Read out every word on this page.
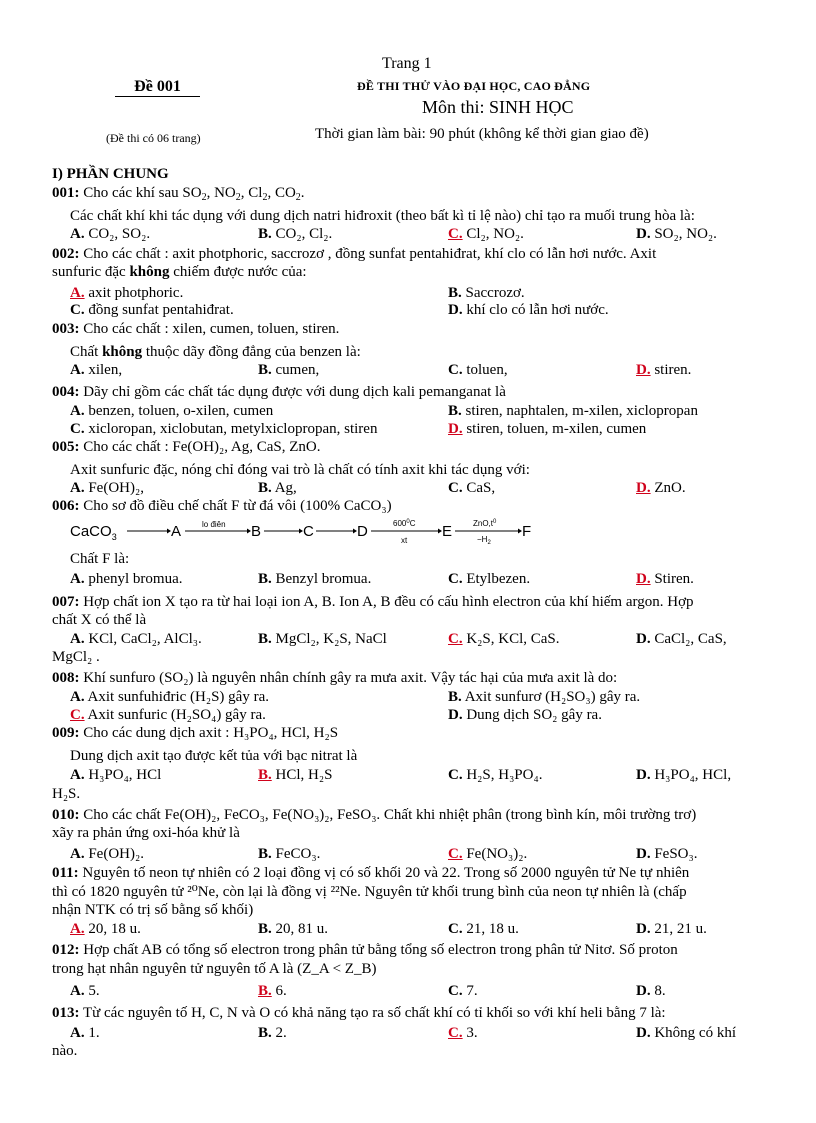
Trang 1
Đề 001	ĐỀ THI THỬ VÀO ĐẠI HỌC, CAO ĐẲNG
Môn thi: SINH HỌC
(Đề thi có 06 trang)	Thời gian làm bài: 90 phút (không kể thời gian giao đề)
I) PHẦN CHUNG
001: Cho các khí sau $SO_2$, $NO_2$, $Cl_2$, $CO_2$.
Các chất khí khi tác dụng với dung dịch natri hiđroxit (theo bất kì tỉ lệ nào) chỉ tạo ra muối trung hòa là:
A. CO₂, SO₂.	B. CO₂, Cl₂.	C. Cl₂, NO₂.	D. SO₂, NO₂.
002: Cho các chất : axit photphoric, saccrozơ , đồng sunfat pentahiđrat, khí clo có lẫn hơi nước. Axit
sunfuric đặc không chiếm được nước của:
A. axit photphoric.	B. Saccrozơ.
C. đồng sunfat pentahiđrat.	D. khí clo có lẫn hơi nước.
003: Cho các chất : xilen, cumen, toluen, stiren.
Chất không thuộc dãy đồng đẳng của benzen là:
A. xilen,	B. cumen,	C. toluen,	D. stiren.
004: Dãy chỉ gồm các chất tác dụng được với dung dịch kali pemanganat là
A. benzen, toluen, o-xilen, cumen	B. stiren, naphtalen, m-xilen, xiclopropan
C. xicloropan, xiclobutan, metylxiclopropan, stiren	D. stiren, toluen, m-xilen, cumen
005: Cho các chất : Fe(OH)₂, Ag, CaS, ZnO.
Axit sunfuric đặc, nóng chỉ đóng vai trò là chất có tính axit khi tác dụng với:
A. Fe(OH)₂,	B. Ag,	C. CaS,	D. ZnO.
006: Cho sơ đồ điều chế chất F từ đá vôi (100% CaCO₃)
CaCO$_3$	A	B	C	D	E	F
lo điên	$600^0C$
xt
$ZnO,t^0$
$-H_2$
Chất F là:
A. phenyl bromua.	B. Benzyl bromua.	C. Etylbezen.	D. Stiren.
007: Hợp chất ion X tạo ra từ hai loại ion A, B. Ion A, B đều có cấu hình electron của khí hiếm argon. Hợp
chất X có thể là
A. KCl, CaCl₂, AlCl₃.	B. MgCl₂, K₂S, NaCl	C. K₂S, KCl, CaS.	D. CaCl₂, CaS,
MgCl₂ .
008: Khí sunfuro (SO₂) là nguyên nhân chính gây ra mưa axit. Vậy tác hại của mưa axit là do:
A. Axit sunfuhiđric (H₂S) gây ra.	B. Axit sunfurơ (H₂SO₃) gây ra.
C. Axit sunfuric (H₂SO₄) gây ra.	D. Dung dịch SO₂ gây ra.
009: Cho các dung dịch axit : H₃PO₄, HCl, H₂S
Dung dịch axit tạo được kết tủa với bạc nitrat là
A. H₃PO₄, HCl	B. HCl, H₂S	C. H₂S, H₃PO₄.	D. H₃PO₄, HCl,
H₂S.
010: Cho các chất Fe(OH)₂, FeCO₃, Fe(NO₃)₂, FeSO₃. Chất khi nhiệt phân (trong bình kín, môi trường trơ)
xãy ra phản ứng oxi-hóa khử là
A. Fe(OH)₂.	B. FeCO₃.	C. Fe(NO₃)₂.	D. FeSO₃.
011: Nguyên tố neon tự nhiên có 2 loại đồng vị có số khối 20 và 22. Trong số 2000 nguyên tử Ne tự nhiên
thì có 1820 nguyên tử ²⁰Ne, còn lại là đồng vị ²²Ne. Nguyên tử khối trung bình của neon tự nhiên là (chấp
nhận NTK có trị số bằng số khối)
A. 20, 18 u.	B. 20, 81 u.	C. 21, 18 u.	D. 21, 21 u.
012: Hợp chất AB có tổng số electron trong phân tử bằng tổng số electron trong phân tử Nitơ. Số proton
trong hạt nhân nguyên tử nguyên tố A là (Z_A < Z_B)
A. 5.	B. 6.	C. 7.	D. 8.
013: Từ các nguyên tố H, C, N và O có khả năng tạo ra số chất khí có tỉ khối so với khí heli bằng 7 là:
A. 1.	B. 2.	C. 3.	D. Không có khí
nào.
